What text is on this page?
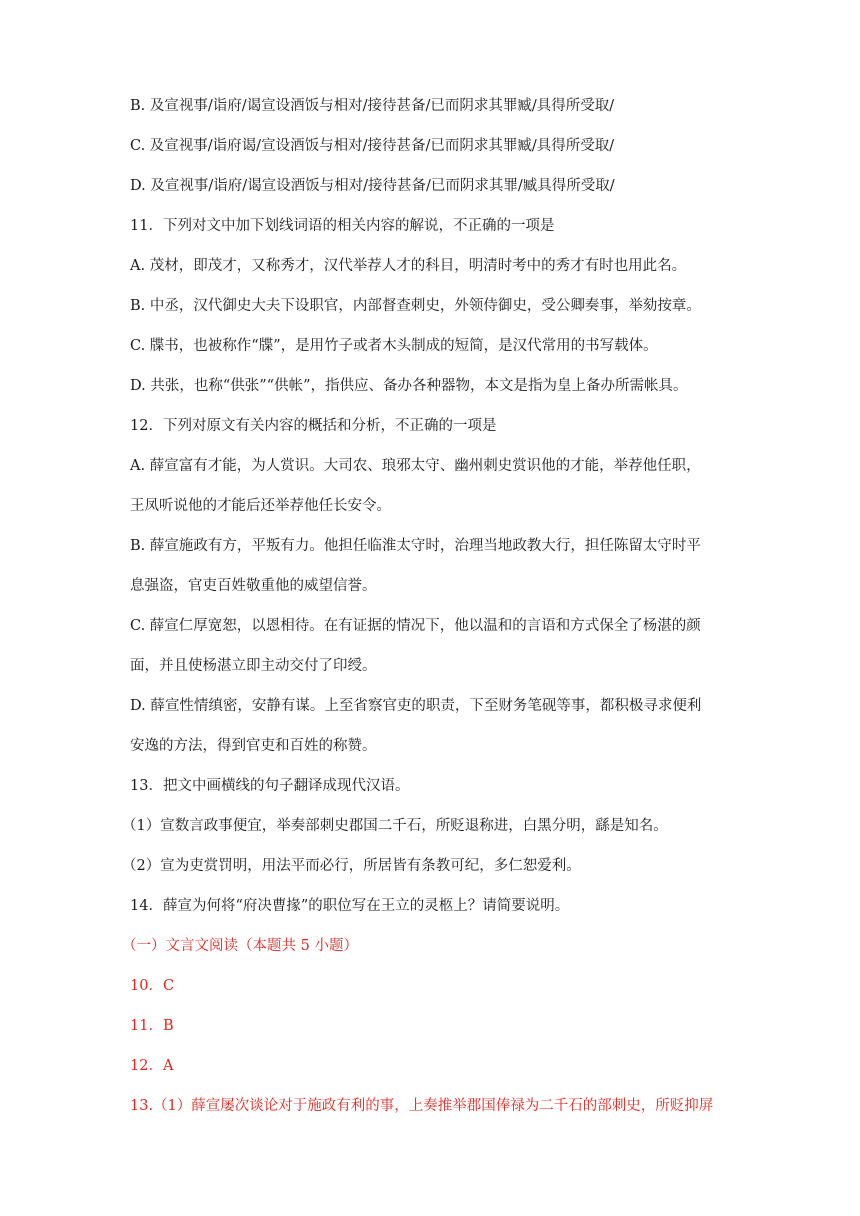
B. 及宣视事/诣府/谒宣设酒饭与相对/接待甚备/已而阴求其罪臧/具得所受取/

C. 及宣视事/诣府谒/宣设酒饭与相对/接待甚备/已而阴求其罪臧/具得所受取/

D. 及宣视事/诣府/谒宣设酒饭与相对/接待甚备/已而阴求其罪/臧具得所受取/

11．下列对文中加下划线词语的相关内容的解说，不正确的一项是

A. 茂材，即茂才，又称秀才，汉代举荐人才的科目，明清时考中的秀才有时也用此名。

B. 中丞，汉代御史大夫下设职官，内部督查刺史，外领侍御史，受公卿奏事，举劾按章。

C. 牒书，也被称作“牒”，是用竹子或者木头制成的短简，是汉代常用的书写载体。

D. 共张，也称“供张”“供帐”，指供应、备办各种器物，本文是指为皇上备办所需帐具。

12．下列对原文有关内容的概括和分析，不正确的一项是

A. 薛宣富有才能，为人赏识。大司农、琅邪太守、幽州刺史赏识他的才能，举荐他任职，

王凤听说他的才能后还举荐他任长安令。

B. 薛宣施政有方，平叛有力。他担任临淮太守时，治理当地政教大行，担任陈留太守时平

息强盗，官吏百姓敬重他的威望信誉。

C. 薛宣仁厚宽恕，以恩相待。在有证据的情况下，他以温和的言语和方式保全了杨湛的颜

面，并且使杨湛立即主动交付了印绶。

D. 薛宣性情缜密，安静有谋。上至省察官吏的职责，下至财务笔砚等事，都积极寻求便利

安逸的方法，得到官吏和百姓的称赞。

13．把文中画横线的句子翻译成现代汉语。

（1）宣数言政事便宜，举奏部刺史郡国二千石，所贬退称进，白黑分明，繇是知名。

（2）宣为吏赏罚明，用法平而必行，所居皆有条教可纪，多仁恕爱利。

14．薛宣为何将“府决曹掾”的职位写在王立的灵柩上？请简要说明。

（一）文言文阅读（本题共 5 小题）

10．C

11．B

12．A

13.（1）薛宣屡次谈论对于施政有利的事，上奏推举郡国俸禄为二千石的部刺史，所贬抑屏
